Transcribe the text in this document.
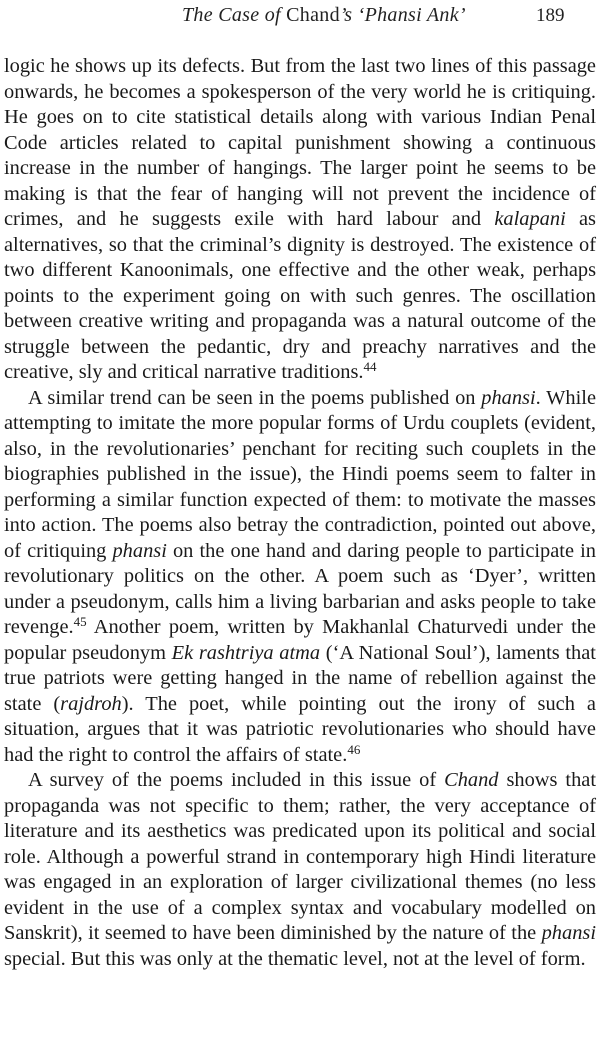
The Case of Chand’s ‘Phansi Ank’	189

logic he shows up its defects. But from the last two lines of this passage onwards, he becomes a spokesperson of the very world he is critiquing. He goes on to cite statistical details along with various Indian Penal Code articles related to capital punishment showing a continuous increase in the number of hangings. The larger point he seems to be making is that the fear of hanging will not prevent the incidence of crimes, and he suggests exile with hard labour and kalapani as alternatives, so that the criminal’s dignity is destroyed. The existence of two different Kanoonimals, one effective and the other weak, perhaps points to the experiment going on with such genres. The oscillation between creative writing and propaganda was a natural outcome of the struggle between the pedantic, dry and preachy narratives and the creative, sly and critical narrative traditions.$^{44}$

A similar trend can be seen in the poems published on phansi. While attempting to imitate the more popular forms of Urdu couplets (evident, also, in the revolutionaries’ penchant for reciting such couplets in the biographies published in the issue), the Hindi poems seem to falter in performing a similar function expected of them: to motivate the masses into action. The poems also betray the contradiction, pointed out above, of critiquing phansi on the one hand and daring people to participate in revolutionary politics on the other. A poem such as ‘Dyer’, written under a pseudonym, calls him a living barbarian and asks people to take revenge.$^{45}$ Another poem, written by Makhanlal Chaturvedi under the popular pseudonym Ek rashtriya atma (‘A National Soul’), laments that true patriots were getting hanged in the name of rebellion against the state (rajdroh). The poet, while pointing out the irony of such a situation, argues that it was patriotic revolutionaries who should have had the right to control the affairs of state.$^{46}$

A survey of the poems included in this issue of Chand shows that propaganda was not specific to them; rather, the very acceptance of literature and its aesthetics was predicated upon its political and social role. Although a powerful strand in contemporary high Hindi literature was engaged in an exploration of larger civilizational themes (no less evident in the use of a complex syntax and vocabulary modelled on Sanskrit), it seemed to have been diminished by the nature of the phansi special. But this was only at the thematic level, not at the level of form.
